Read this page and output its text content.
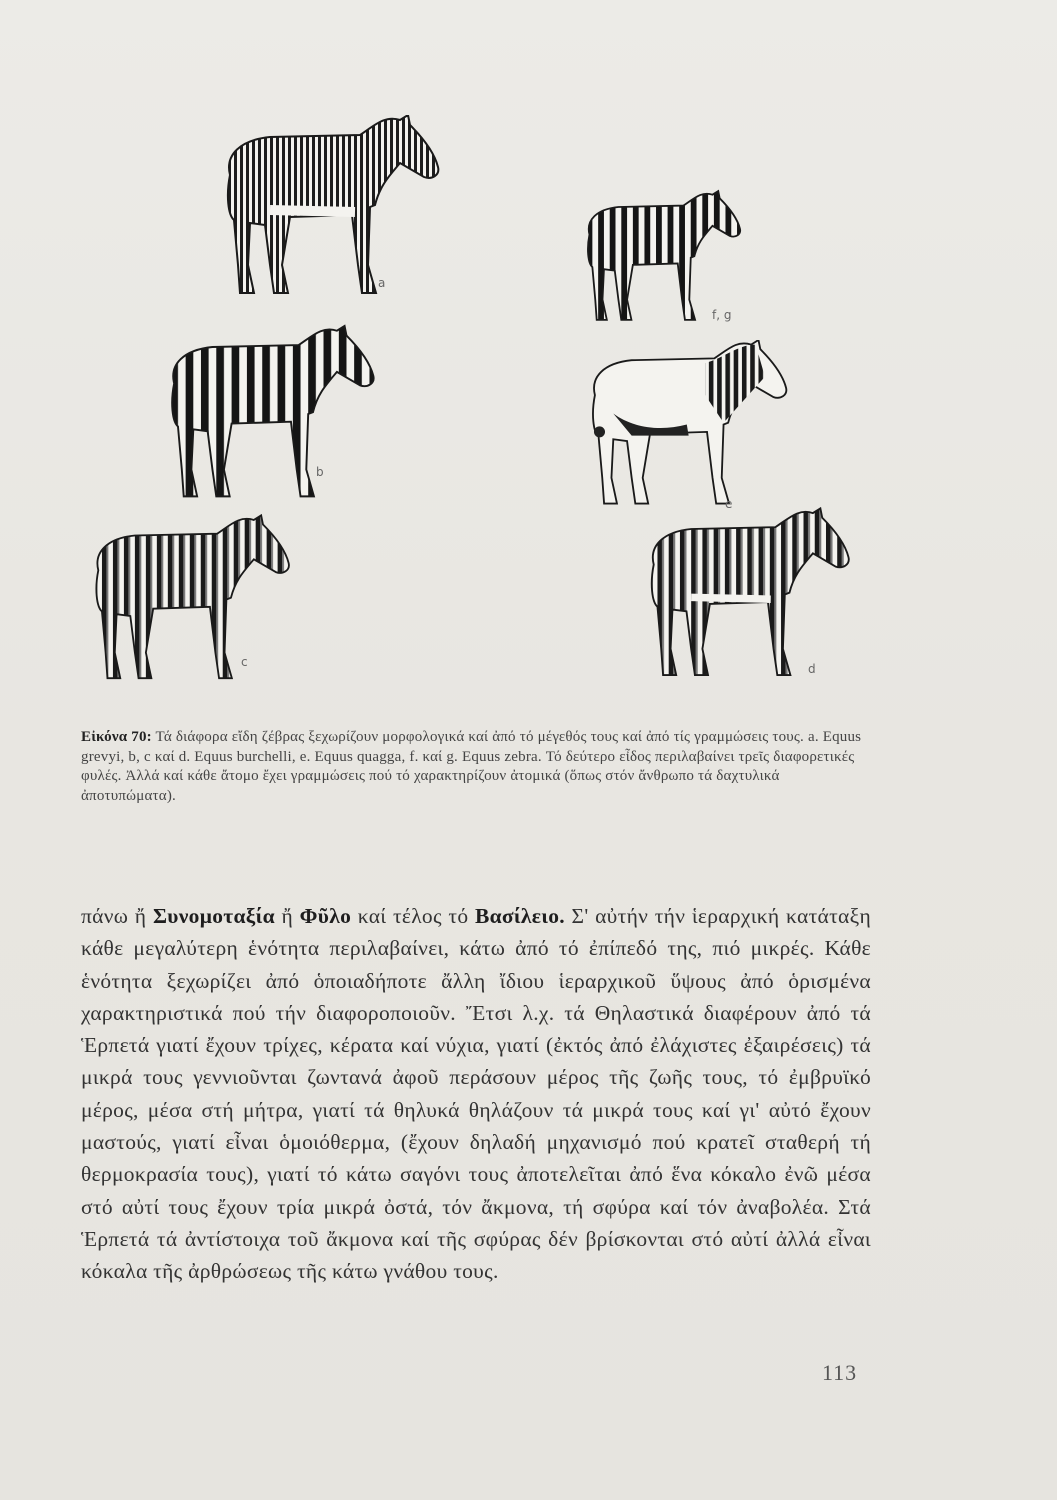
a
f, g
b
e
c	d
Εἰκόνα 70: Τά διάφορα εἴδη ζέβρας ξεχωρίζουν μορφολογικά καί ἀπό τό μέγεθός τους καί ἀπό τίς γραμμώσεις τους. a. Equus grevyi, b, c καί d. Equus burchelli, e. Equus quagga, f. καί g. Equus zebra. Τό δεύτερο εἶδος περιλαβαίνει τρεῖς διαφορετικές φυλές. Ἀλλά καί κάθε ἄτομο ἔχει γραμμώσεις πού τό χαρακτηρίζουν ἀτομικά (ὅπως στόν ἄνθρωπο τά δαχτυλικά ἀποτυπώματα).
πάνω ἤ Συνομοταξία ἤ Φῦλο καί τέλος τό Βασίλειο. Σ' αὐτήν τήν ἱεραρχική κατάταξη κάθε μεγαλύτερη ἑνότητα περιλαβαίνει, κάτω ἀπό τό ἐπίπεδό της, πιό μικρές. Κάθε ἑνότητα ξεχωρίζει ἀπό ὁποιαδήποτε ἄλλη ἴδιου ἱεραρχικοῦ ὕψους ἀπό ὁρισμένα χαρακτηριστικά πού τήν διαφοροποιοῦν. Ἔτσι λ.χ. τά Θηλαστικά διαφέρουν ἀπό τά Ἑρπετά γιατί ἔχουν τρίχες, κέρατα καί νύχια, γιατί (ἐκτός ἀπό ἐλάχιστες ἐξαιρέσεις) τά μικρά τους γεννιοῦνται ζωντανά ἀφοῦ περάσουν μέρος τῆς ζωῆς τους, τό ἐμβρυϊκό μέρος, μέσα στή μήτρα, γιατί τά θηλυκά θηλάζουν τά μικρά τους καί γι' αὐτό ἔχουν μαστούς, γιατί εἶναι ὁμοιόθερμα, (ἔχουν δηλαδή μηχανισμό πού κρατεῖ σταθερή τή θερμοκρασία τους), γιατί τό κάτω σαγόνι τους ἀποτελεῖται ἀπό ἕνα κόκαλο ἐνῶ μέσα στό αὐτί τους ἔχουν τρία μικρά ὀστά, τόν ἄκμονα, τή σφύρα καί τόν ἀναβολέα. Στά Ἑρπετά τά ἀντίστοιχα τοῦ ἄκμονα καί τῆς σφύρας δέν βρίσκονται στό αὐτί ἀλλά εἶναι κόκαλα τῆς ἀρθρώσεως τῆς κάτω γνάθου τους.
113
